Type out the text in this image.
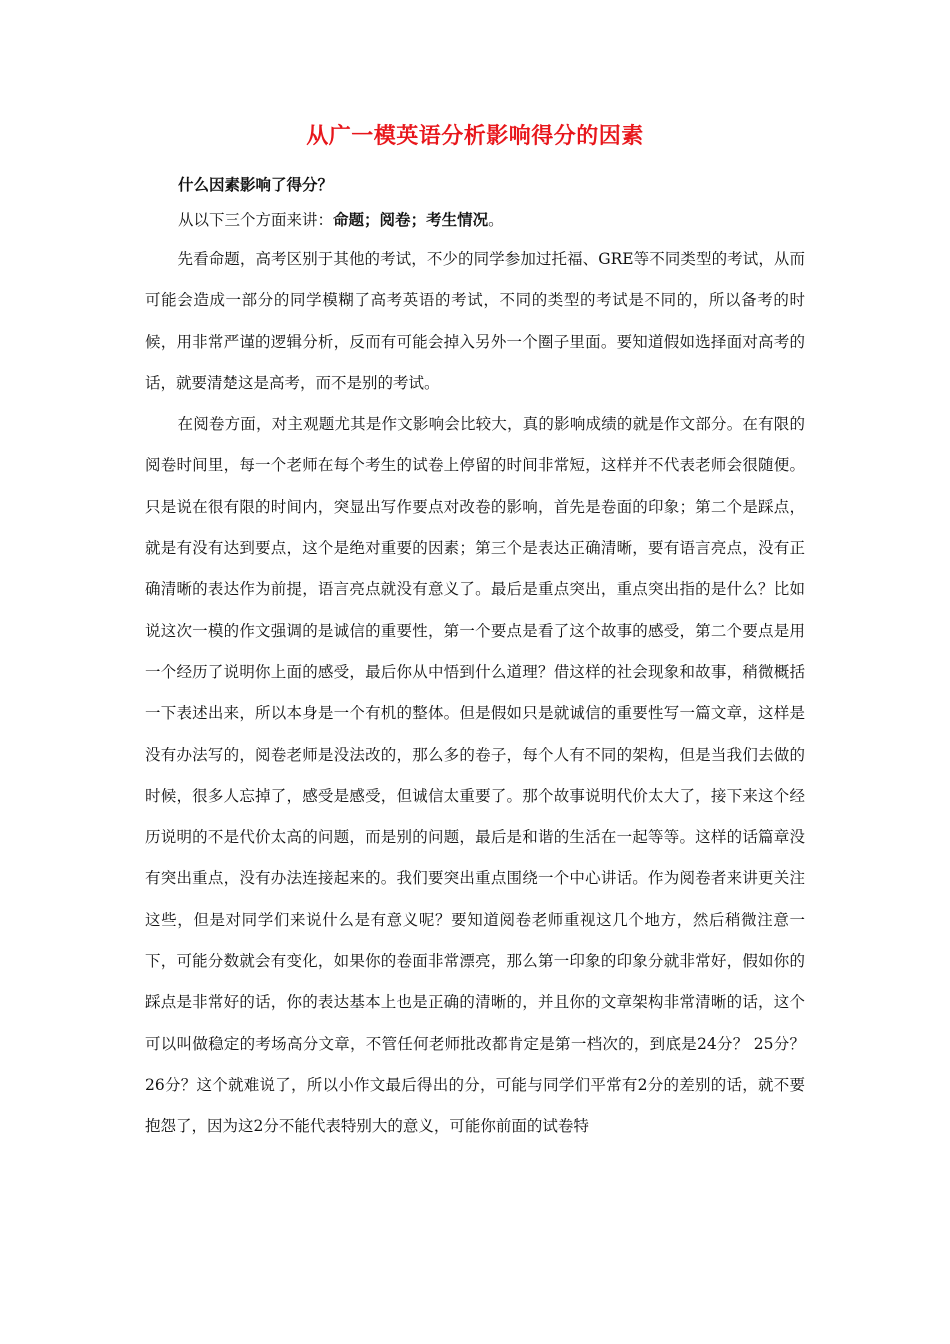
从广一模英语分析影响得分的因素
什么因素影响了得分？
从以下三个方面来讲：命题；阅卷；考生情况。

先看命题，高考区别于其他的考试，不少的同学参加过托福、GRE等不同类型的考试，从而可能会造成一部分的同学模糊了高考英语的考试，不同的类型的考试是不同的，所以备考的时候，用非常严谨的逻辑分析，反而有可能会掉入另外一个圈子里面。要知道假如选择面对高考的话，就要清楚这是高考，而不是别的考试。

在阅卷方面，对主观题尤其是作文影响会比较大，真的影响成绩的就是作文部分。在有限的阅卷时间里，每一个老师在每个考生的试卷上停留的时间非常短，这样并不代表老师会很随便。只是说在很有限的时间内，突显出写作要点对改卷的影响，首先是卷面的印象；第二个是踩点，就是有没有达到要点，这个是绝对重要的因素；第三个是表达正确清晰，要有语言亮点，没有正确清晰的表达作为前提，语言亮点就没有意义了。最后是重点突出，重点突出指的是什么？比如说这次一模的作文强调的是诚信的重要性，第一个要点是看了这个故事的感受，第二个要点是用一个经历了说明你上面的感受，最后你从中悟到什么道理？借这样的社会现象和故事，稍微概括一下表述出来，所以本身是一个有机的整体。但是假如只是就诚信的重要性写一篇文章，这样是没有办法写的，阅卷老师是没法改的，那么多的卷子，每个人有不同的架构，但是当我们去做的时候，很多人忘掉了，感受是感受，但诚信太重要了。那个故事说明代价太大了，接下来这个经历说明的不是代价太高的问题，而是别的问题，最后是和谐的生活在一起等等。这样的话篇章没有突出重点，没有办法连接起来的。我们要突出重点围绕一个中心讲话。作为阅卷者来讲更关注这些，但是对同学们来说什么是有意义呢？要知道阅卷老师重视这几个地方，然后稍微注意一下，可能分数就会有变化，如果你的卷面非常漂亮，那么第一印象的印象分就非常好，假如你的踩点是非常好的话，你的表达基本上也是正确的清晰的，并且你的文章架构非常清晰的话，这个可以叫做稳定的考场高分文章，不管任何老师批改都肯定是第一档次的，到底是24分？ 25分？26分？这个就难说了，所以小作文最后得出的分，可能与同学们平常有2分的差别的话，就不要抱怨了，因为这2分不能代表特别大的意义，可能你前面的试卷特
